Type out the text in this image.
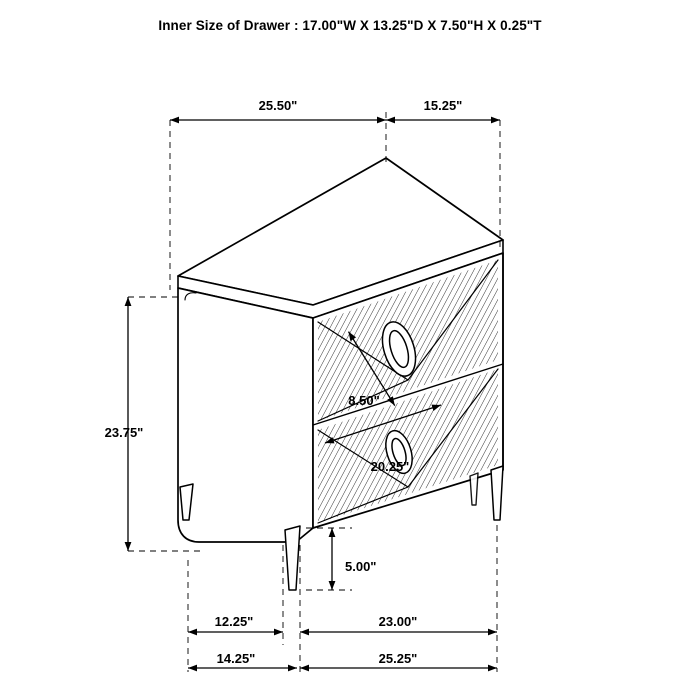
Inner Size of Drawer : 17.00"W X 13.25"D X 7.50"H X 0.25"T
25.50"	15.25"
23.75"
8.50"
20.25"
5.00"
12.25"	23.00"
14.25"	25.25"
